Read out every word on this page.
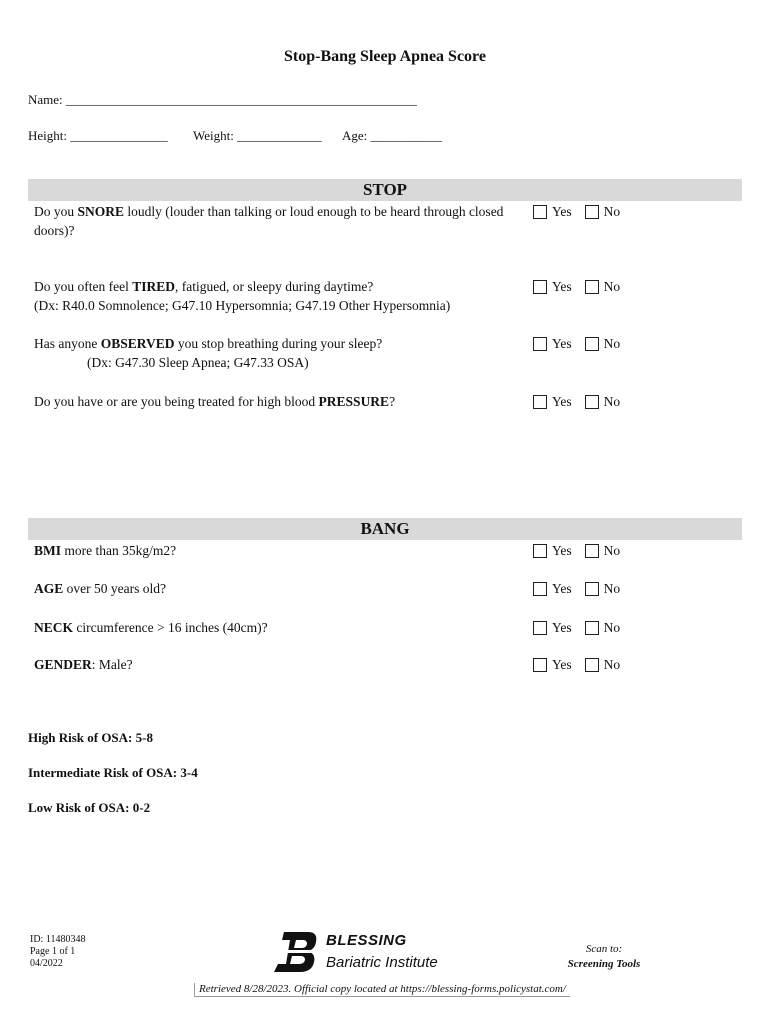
Stop-Bang Sleep Apnea Score
Name: ______________________________________________________
Height: _______________ Weight: _____________ Age: ___________
STOP
Do you SNORE loudly (louder than talking or loud enough to be heard through closed doors)?
Yes No
Do you often feel TIRED, fatigued, or sleepy during daytime?
(Dx: R40.0 Somnolence; G47.10 Hypersomnia; G47.19 Other Hypersomnia)
Yes No
Has anyone OBSERVED you stop breathing during your sleep?
(Dx: G47.30 Sleep Apnea; G47.33 OSA)
Yes No
Do you have or are you being treated for high blood PRESSURE?	Yes No
BANG
BMI more than 35kg/m2?	Yes No
AGE over 50 years old?	Yes No
NECK circumference > 16 inches (40cm)?	Yes No
GENDER: Male?	Yes No
High Risk of OSA: 5-8
Intermediate Risk of OSA: 3-4
Low Risk of OSA: 0-2
ID: 11480348
Page 1 of 1
04/2022
BLESSING
Bariatric Institute
Scan to:
Screening Tools
Retrieved 8/28/2023. Official copy located at https://blessing-forms.policystat.com/
